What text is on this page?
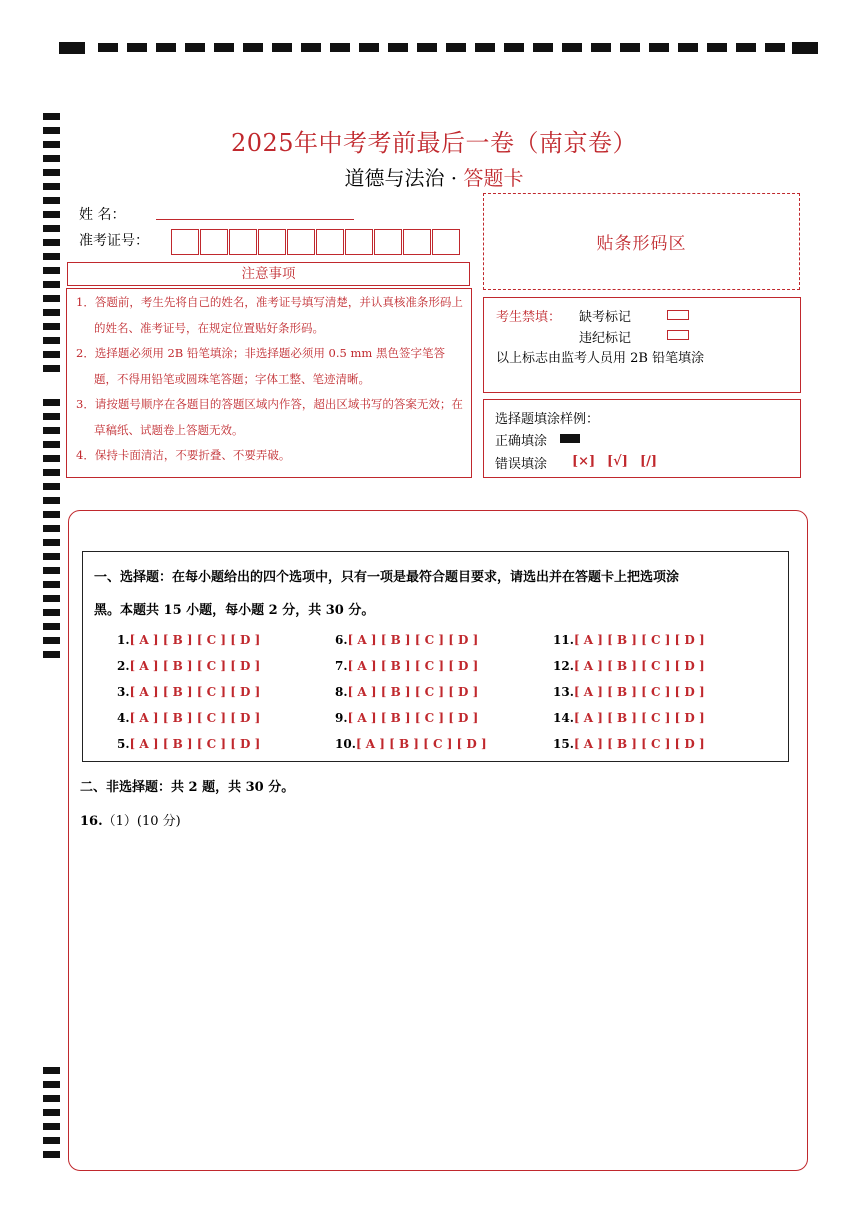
2025年中考考前最后一卷（南京卷）
道德与法治 · 答题卡
姓 名：
准考证号：	贴条形码区
注意事项

1．答题前，考生先将自己的姓名，准考证号填写清楚，并认真核准条形码上的姓名、准考证号，在规定位置贴好条形码。

2．选择题必须用 2B 铅笔填涂；非选择题必须用 0.5 mm 黑色签字笔答题，不得用铅笔或圆珠笔答题；字体工整、笔迹清晰。

3．请按题号顺序在各题目的答题区域内作答，超出区域书写的答案无效；在草稿纸、试题卷上答题无效。

4．保持卡面清洁，不要折叠、不要弄破。

考生禁填： 缺考标记
违纪标记
以上标志由监考人员用 2B 铅笔填涂
选择题填涂样例：
正确填涂
错误填涂 [×] [√] [/]
一、选择题：在每小题给出的四个选项中，只有一项是最符合题目要求，请选出并在答题卡上把选项涂
黑。本题共 15 小题，每小题 2 分，共 30 分。
1.[ A ] [ B ] [ C ] [ D ]
2.[ A ] [ B ] [ C ] [ D ]
3.[ A ] [ B ] [ C ] [ D ]
4.[ A ] [ B ] [ C ] [ D ]
5.[ A ] [ B ] [ C ] [ D ]
6.[ A ] [ B ] [ C ] [ D ]
7.[ A ] [ B ] [ C ] [ D ]
8.[ A ] [ B ] [ C ] [ D ]
9.[ A ] [ B ] [ C ] [ D ]
10.[ A ] [ B ] [ C ] [ D ]
11.[ A ] [ B ] [ C ] [ D ]
12.[ A ] [ B ] [ C ] [ D ]
13.[ A ] [ B ] [ C ] [ D ]
14.[ A ] [ B ] [ C ] [ D ]
15.[ A ] [ B ] [ C ] [ D ]
二、非选择题：共 2 题，共 30 分。
16.（1）(10 分)
